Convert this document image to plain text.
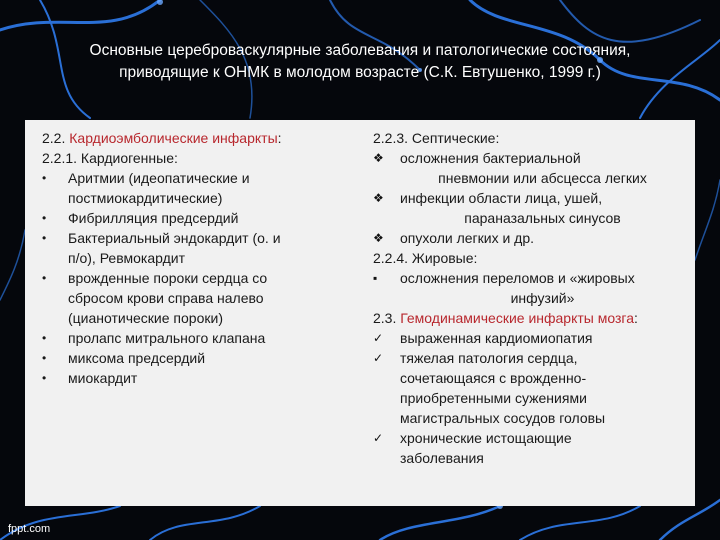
Основные цереброваскулярные заболевания и патологические состояния,
приводящие к ОНМК в молодом возрасте (С.К. Евтушенко, 1999 г.)
2.2. Кардиоэмболические инфаркты:
2.2.1. Кардиогенные:
•	Аритмии (идеопатические и
постмиокардитические)
•	Фибрилляция предсердий
•	Бактериальный эндокардит (о. и
п/о), Ревмокардит
•	врожденные пороки сердца со
сбросом крови справа налево
(цианотические пороки)
•	пролапс митрального клапана
•	миксома предсердий
•	миокардит
2.2.3. Септические:
❖	осложнения бактериальной
пневмонии или абсцесса легких
❖	инфекции области лица, ушей,
параназальных синусов
❖	опухоли легких и др.
2.2.4. Жировые:
▪	осложнения переломов и «жировых
инфузий»
2.3. Гемодинамические инфаркты мозга:
✓	выраженная кардиомиопатия
✓	тяжелая патология сердца,
сочетающаяся с врожденно-
приобретенными сужениями
магистральных сосудов головы
✓	хронические истощающие
заболевания
fppt.com
